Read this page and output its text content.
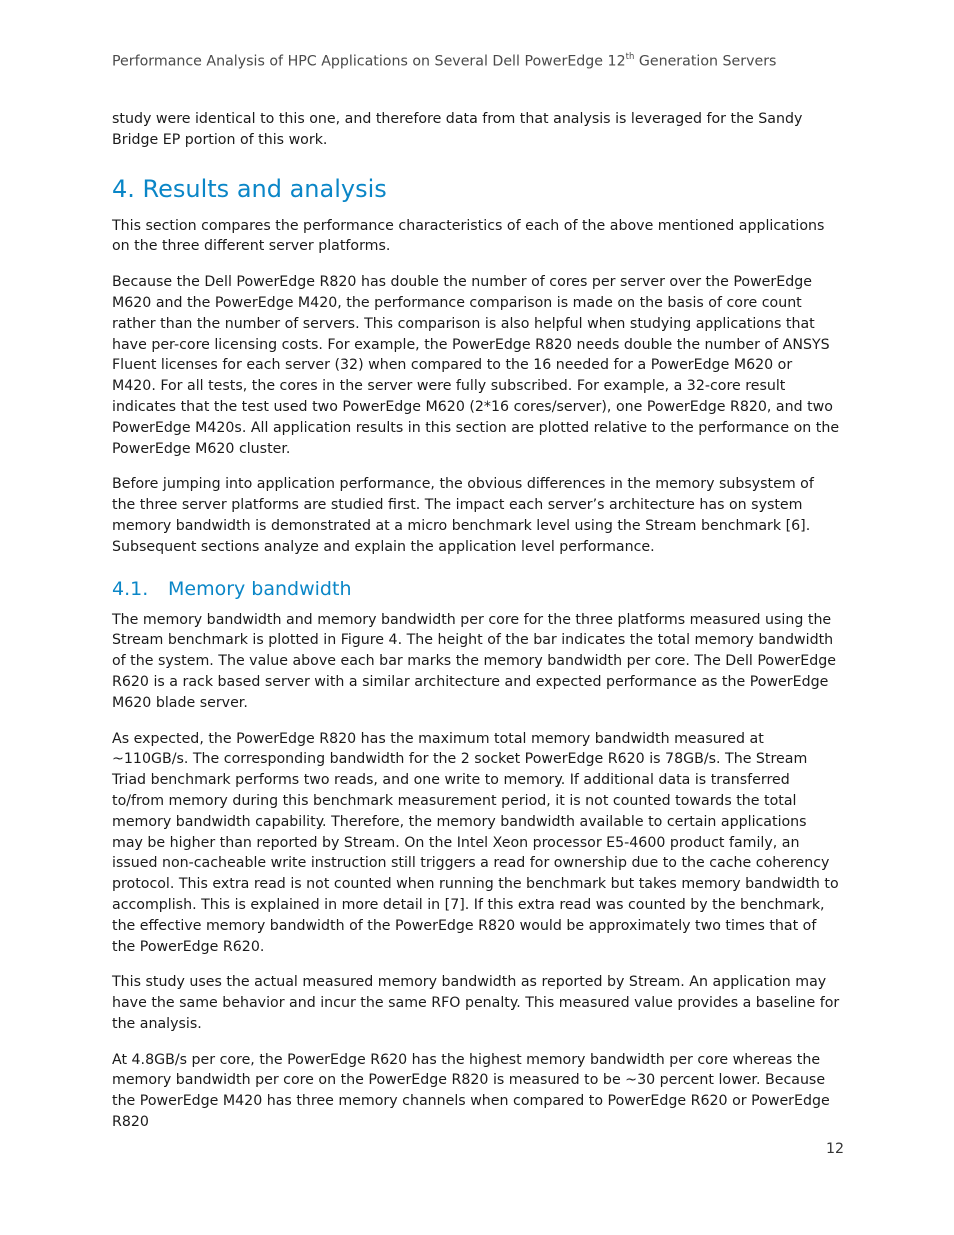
Performance Analysis of HPC Applications on Several Dell PowerEdge 12th Generation Servers

study were identical to this one, and therefore data from that analysis is leveraged for the Sandy Bridge EP portion of this work.

4. Results and analysis

This section compares the performance characteristics of each of the above mentioned applications on the three different server platforms.

Because the Dell PowerEdge R820 has double the number of cores per server over the PowerEdge M620 and the PowerEdge M420, the performance comparison is made on the basis of core count rather than the number of servers. This comparison is also helpful when studying applications that have per-core licensing costs. For example, the PowerEdge R820 needs double the number of ANSYS Fluent licenses for each server (32) when compared to the 16 needed for a PowerEdge M620 or M420. For all tests, the cores in the server were fully subscribed. For example, a 32-core result indicates that the test used two PowerEdge M620 (2*16 cores/server), one PowerEdge R820, and two PowerEdge M420s. All application results in this section are plotted relative to the performance on the PowerEdge M620 cluster.

Before jumping into application performance, the obvious differences in the memory subsystem of the three server platforms are studied first. The impact each server’s architecture has on system memory bandwidth is demonstrated at a micro benchmark level using the Stream benchmark [6]. Subsequent sections analyze and explain the application level performance.

4.1. Memory bandwidth

The memory bandwidth and memory bandwidth per core for the three platforms measured using the Stream benchmark is plotted in Figure 4. The height of the bar indicates the total memory bandwidth of the system. The value above each bar marks the memory bandwidth per core. The Dell PowerEdge R620 is a rack based server with a similar architecture and expected performance as the PowerEdge M620 blade server.

As expected, the PowerEdge R820 has the maximum total memory bandwidth measured at ~110GB/s. The corresponding bandwidth for the 2 socket PowerEdge R620 is 78GB/s. The Stream Triad benchmark performs two reads, and one write to memory. If additional data is transferred to/from memory during this benchmark measurement period, it is not counted towards the total memory bandwidth capability. Therefore, the memory bandwidth available to certain applications may be higher than reported by Stream. On the Intel Xeon processor E5-4600 product family, an issued non-cacheable write instruction still triggers a read for ownership due to the cache coherency protocol. This extra read is not counted when running the benchmark but takes memory bandwidth to accomplish. This is explained in more detail in [7]. If this extra read was counted by the benchmark, the effective memory bandwidth of the PowerEdge R820 would be approximately two times that of the PowerEdge R620.

This study uses the actual measured memory bandwidth as reported by Stream. An application may have the same behavior and incur the same RFO penalty. This measured value provides a baseline for the analysis.

At 4.8GB/s per core, the PowerEdge R620 has the highest memory bandwidth per core whereas the memory bandwidth per core on the PowerEdge R820 is measured to be ~30 percent lower. Because the PowerEdge M420 has three memory channels when compared to PowerEdge R620 or PowerEdge R820

12
